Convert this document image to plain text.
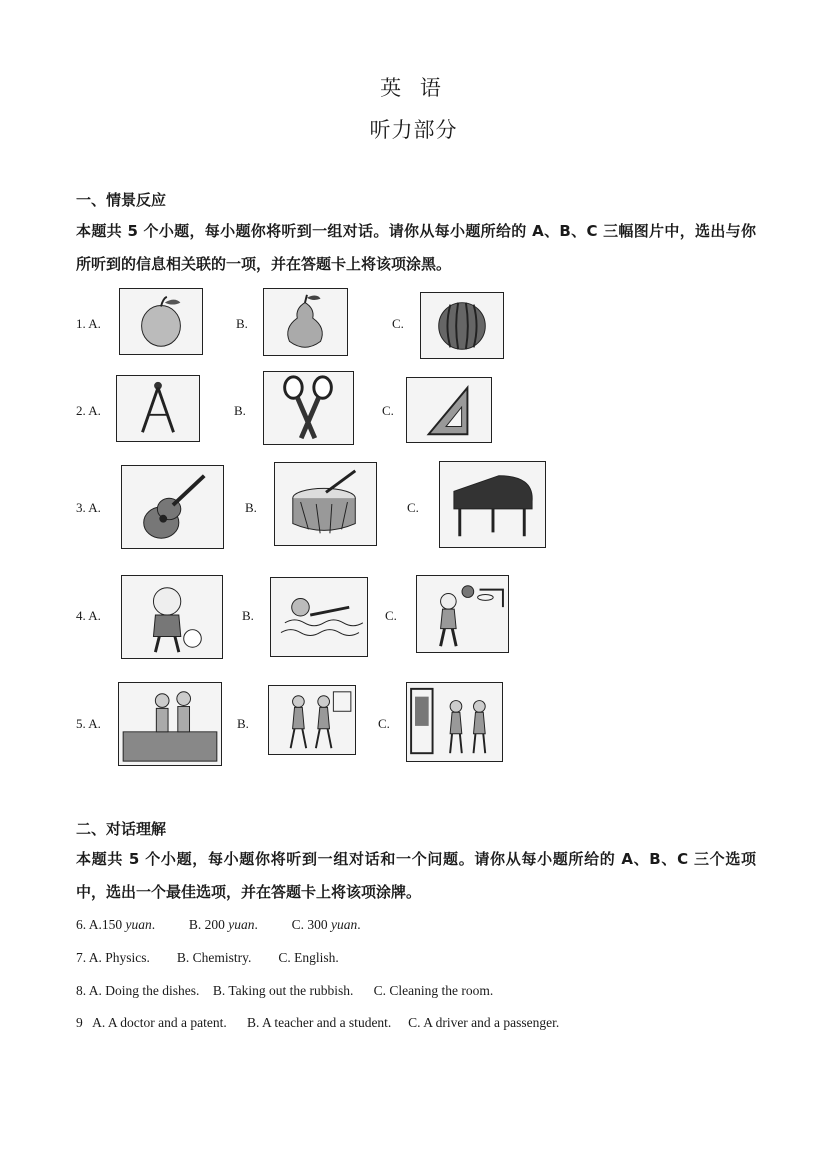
英 语
听力部分
一、情景反应
本题共 5 个小题，每小题你将听到一组对话。请你从每小题所给的 A、B、C 三幅图片中，选出与你所听到的信息相关联的一项，并在答题卡上将该项涂黑。
1. A.	B.	C.
2. A.	B.	C.
3. A.	B.	C.
4. A.	B.	C.
5. A.	B.	C.
二、对话理解
本题共 5 个小题，每小题你将听到一组对话和一个问题。请你从每小题所给的 A、B、C 三个选项中，选出一个最佳选项，并在答题卡上将该项涂牌。
6. A.150 yuan.          B. 200 yuan.          C. 300 yuan.
7. A. Physics.        B. Chemistry.        C. English.
8. A. Doing the dishes.    B. Taking out the rubbish.      C. Cleaning the room.
9   A. A doctor and a patent.      B. A teacher and a student.     C. A driver and a passenger.
